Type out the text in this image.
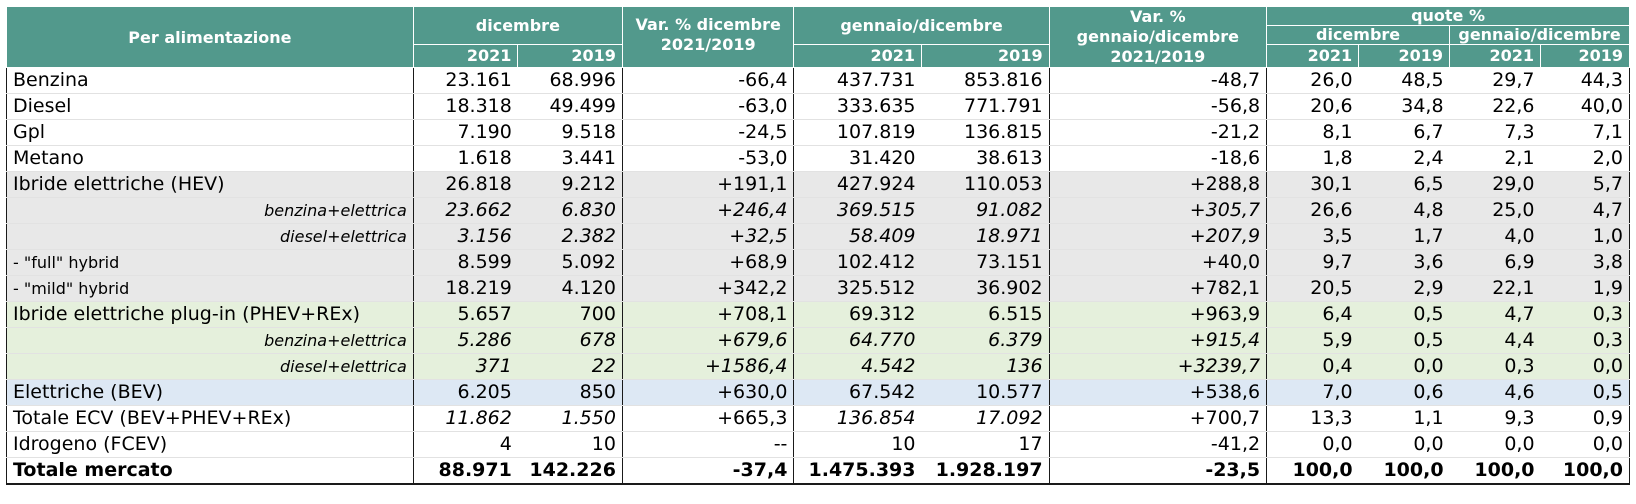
Per alimentazione	dicembre		Var. % dicembre 2021/2019	gennaio/dicembre		Var. % gennaio/dicembre 2021/2019	quote %			
							dicembre		gennaio/dicembre	
	2021	2019		2021	2019		2021	2019	2021	2019
Benzina	23.161	68.996	-66,4	437.731	853.816	-48,7	26,0	48,5	29,7	44,3
Diesel	18.318	49.499	-63,0	333.635	771.791	-56,8	20,6	34,8	22,6	40,0
Gpl	7.190	9.518	-24,5	107.819	136.815	-21,2	8,1	6,7	7,3	7,1
Metano	1.618	3.441	-53,0	31.420	38.613	-18,6	1,8	2,4	2,1	2,0
Ibride elettriche (HEV)	26.818	9.212	+191,1	427.924	110.053	+288,8	30,1	6,5	29,0	5,7
benzina+elettrica	23.662	6.830	+246,4	369.515	91.082	+305,7	26,6	4,8	25,0	4,7
diesel+elettrica	3.156	2.382	+32,5	58.409	18.971	+207,9	3,5	1,7	4,0	1,0
- "full" hybrid	8.599	5.092	+68,9	102.412	73.151	+40,0	9,7	3,6	6,9	3,8
- "mild" hybrid	18.219	4.120	+342,2	325.512	36.902	+782,1	20,5	2,9	22,1	1,9
Ibride elettriche plug-in (PHEV+REx)	5.657	700	+708,1	69.312	6.515	+963,9	6,4	0,5	4,7	0,3
benzina+elettrica	5.286	678	+679,6	64.770	6.379	+915,4	5,9	0,5	4,4	0,3
diesel+elettrica	371	22	+1586,4	4.542	136	+3239,7	0,4	0,0	0,3	0,0
Elettriche (BEV)	6.205	850	+630,0	67.542	10.577	+538,6	7,0	0,6	4,6	0,5
Totale ECV (BEV+PHEV+REx)	11.862	1.550	+665,3	136.854	17.092	+700,7	13,3	1,1	9,3	0,9
Idrogeno (FCEV)	4	10	--	10	17	-41,2	0,0	0,0	0,0	0,0
Totale mercato	88.971	142.226	-37,4	1.475.393	1.928.197	-23,5	100,0	100,0	100,0	100,0
